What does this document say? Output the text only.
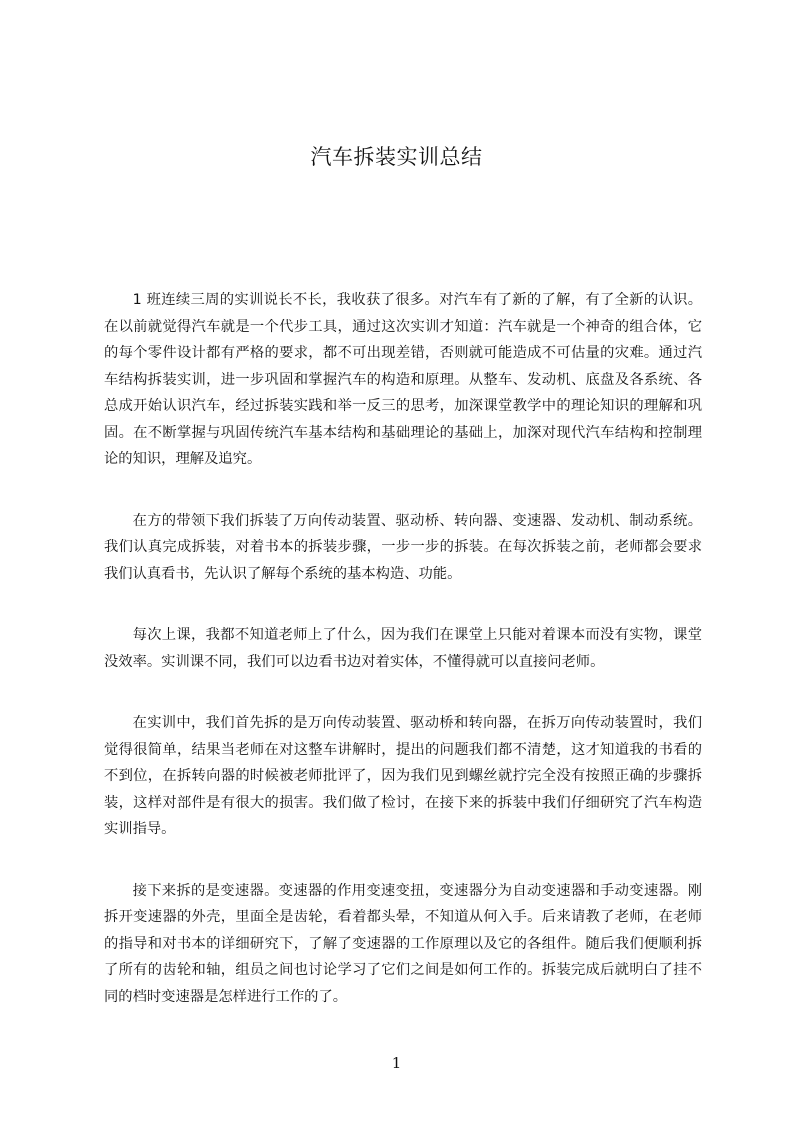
汽车拆装实训总结

1 班连续三周的实训说长不长，我收获了很多。对汽车有了新的了解，有了全新的认识。在以前就觉得汽车就是一个代步工具，通过这次实训才知道：汽车就是一个神奇的组合体，它的每个零件设计都有严格的要求，都不可出现差错，否则就可能造成不可估量的灾难。通过汽车结构拆装实训，进一步巩固和掌握汽车的构造和原理。从整车、发动机、底盘及各系统、各总成开始认识汽车，经过拆装实践和举一反三的思考，加深课堂教学中的理论知识的理解和巩固。在不断掌握与巩固传统汽车基本结构和基础理论的基础上，加深对现代汽车结构和控制理论的知识，理解及追究。

在方的带领下我们拆装了万向传动装置、驱动桥、转向器、变速器、发动机、制动系统。我们认真完成拆装，对着书本的拆装步骤，一步一步的拆装。在每次拆装之前，老师都会要求我们认真看书，先认识了解每个系统的基本构造、功能。

每次上课，我都不知道老师上了什么，因为我们在课堂上只能对着课本而没有实物，课堂没效率。实训课不同，我们可以边看书边对着实体，不懂得就可以直接问老师。

在实训中，我们首先拆的是万向传动装置、驱动桥和转向器，在拆万向传动装置时，我们觉得很简单，结果当老师在对这整车讲解时，提出的问题我们都不清楚，这才知道我的书看的不到位，在拆转向器的时候被老师批评了，因为我们见到螺丝就拧完全没有按照正确的步骤拆装，这样对部件是有很大的损害。我们做了检讨，在接下来的拆装中我们仔细研究了汽车构造实训指导。

接下来拆的是变速器。变速器的作用变速变扭，变速器分为自动变速器和手动变速器。刚拆开变速器的外壳，里面全是齿轮，看着都头晕，不知道从何入手。后来请教了老师，在老师的指导和对书本的详细研究下，了解了变速器的工作原理以及它的各组件。随后我们便顺利拆了所有的齿轮和轴，组员之间也讨论学习了它们之间是如何工作的。拆装完成后就明白了挂不同的档时变速器是怎样进行工作的了。

1
